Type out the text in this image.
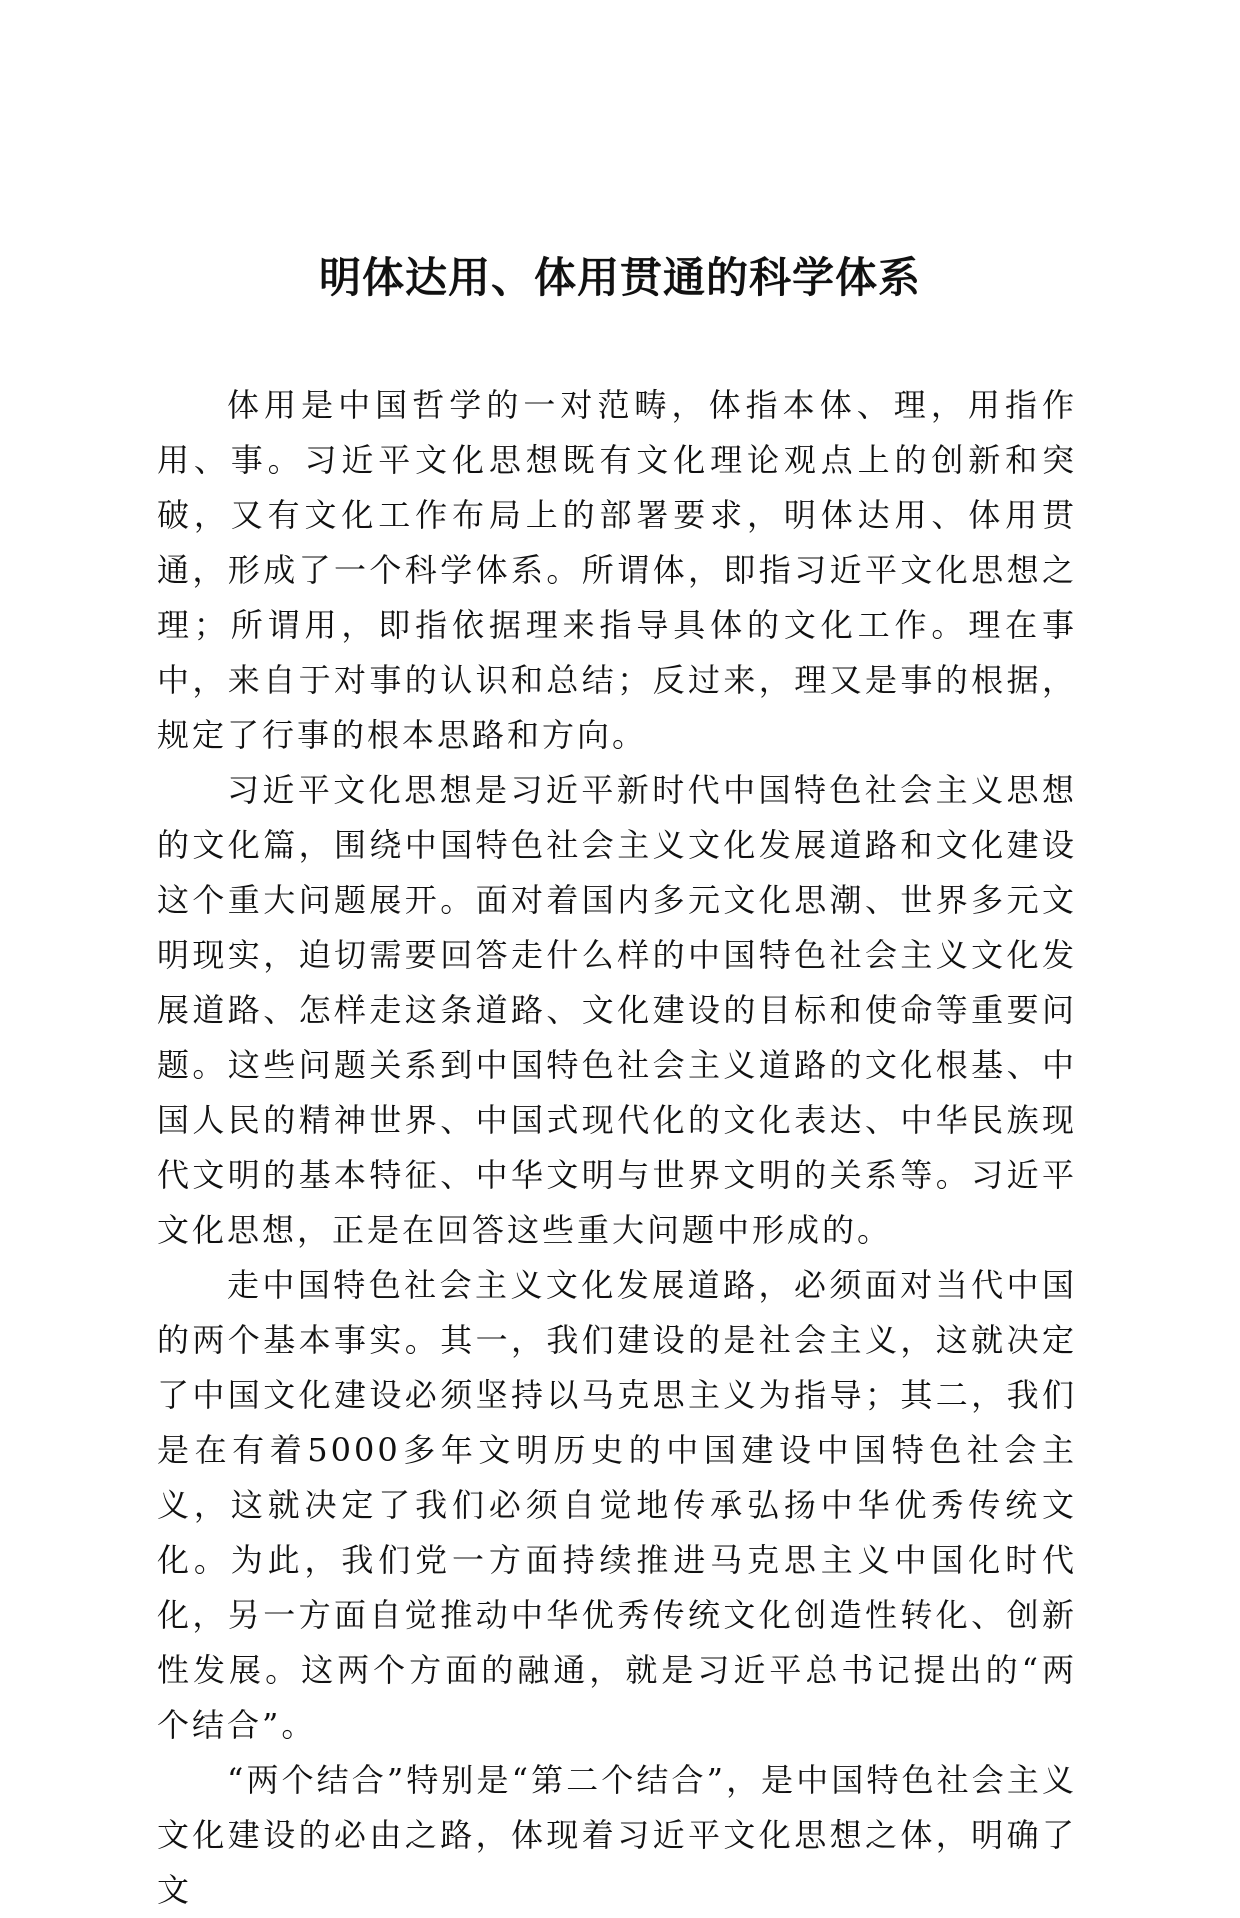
明体达用、体用贯通的科学体系

体用是中国哲学的一对范畴，体指本体、理，用指作用、事。习近平文化思想既有文化理论观点上的创新和突破，又有文化工作布局上的部署要求，明体达用、体用贯通，形成了一个科学体系。所谓体，即指习近平文化思想之理；所谓用，即指依据理来指导具体的文化工作。理在事中，来自于对事的认识和总结；反过来，理又是事的根据，规定了行事的根本思路和方向。

习近平文化思想是习近平新时代中国特色社会主义思想的文化篇，围绕中国特色社会主义文化发展道路和文化建设这个重大问题展开。面对着国内多元文化思潮、世界多元文明现实，迫切需要回答走什么样的中国特色社会主义文化发展道路、怎样走这条道路、文化建设的目标和使命等重要问题。这些问题关系到中国特色社会主义道路的文化根基、中国人民的精神世界、中国式现代化的文化表达、中华民族现代文明的基本特征、中华文明与世界文明的关系等。习近平文化思想，正是在回答这些重大问题中形成的。

走中国特色社会主义文化发展道路，必须面对当代中国的两个基本事实。其一，我们建设的是社会主义，这就决定了中国文化建设必须坚持以马克思主义为指导；其二，我们是在有着5000多年文明历史的中国建设中国特色社会主义，这就决定了我们必须自觉地传承弘扬中华优秀传统文化。为此，我们党一方面持续推进马克思主义中国化时代化，另一方面自觉推动中华优秀传统文化创造性转化、创新性发展。这两个方面的融通，就是习近平总书记提出的“两个结合”。

“两个结合”特别是“第二个结合”，是中国特色社会主义文化建设的必由之路，体现着习近平文化思想之体，明确了文
